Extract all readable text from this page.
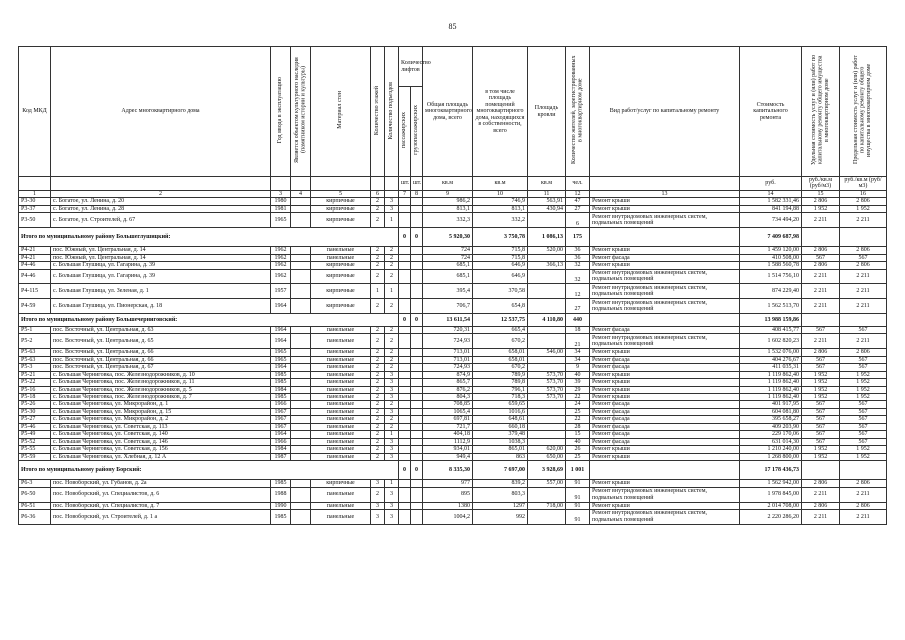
85
Код МКД	Адрес многоквартирного дома	Год ввода в эксплуатацию	Является объектом культурного наследия (памятником истории и культуры)	Материал стен	Количество этажей	Количество подъездов	Количество лифтов		Общая площадь многоквартирного дома, всего	в том числе площадь помещений многоквартирного дома, находящихся в собственности, всего	Площадь кровли	Количество жителей, зарегистрированных в многоквартирном доме	Вид работ/услуг по капитальному ремонту	Стоимость капитального ремонта	Удельная стоимость услуг и (или) работ по капитальному ремонту общего имущества в многоквартирном доме	Предельная стоимость услуг и (или) работ по капитальному ремонту общего имущества в многоквартирном доме
							пассажирских	грузопассажирских								
							шт.	шт.	кв.м	кв.м	кв.м	чел.		руб.	руб./кв.м (руб/м3)	руб./кв.м (руб/м3)
1	2	3	4	5	6		7	8	9	10	11	12	13	14	15	16
P3-30	с. Богатое, ул. Ленина, д. 20	1980		кирпичные	2	3			986,2	746,9	563,91	47	Ремонт крыши	1 582 331,46	2 806	2 806
P3-37	с. Богатое, ул. Ленина, д. 28	1981		кирпичные	2	3			813,1	813,1	430,94	27	Ремонт крыши	841 194,88	1 952	1 952
P3-50	с. Богатое, ул. Строителей, д. 67	1965		кирпичные	2	1			332,3	332,2		6	Ремонт внутридомовых инженерных систем, подвальных помещений	734 494,20	2 211	2 211
Итого по муниципальному району Большеглушицкий:							0	0	5 920,30	3 750,78	1 086,13	175		7 409 687,98		
P4-21	пос. Южный, ул. Центральная, д. 14	1962		панельные	2	2			724	715,8	520,00	36	Ремонт крыши	1 459 120,00	2 806	2 806
P4-21	пос. Южный, ул. Центральная, д. 14	1962		панельные	2	2			724	715,8		36	Ремонт фасада	410 508,00	567	567
P4-46	с. Большая Глушица, ул. Гагарина, д. 39	1962		кирпичные	2	2			685,1	646,9	366,13	32	Ремонт крыши	1 588 560,78	2 806	2 806
P4-46	с. Большая Глушица, ул. Гагарина, д. 39	1962		кирпичные	2	2			685,1	646,9		32	Ремонт внутридомовых инженерных систем, подвальных помещений	1 514 756,10	2 211	2 211
P4-115	с. Большая Глушица, ул. Зеленая, д. 1	1957		кирпичные	1	1			395,4	370,58		12	Ремонт внутридомовых инженерных систем, подвальных помещений	874 229,40	2 211	2 211
P4-59	с. Большая Глушица, ул. Пионерская, д. 18	1964		кирпичные	2	2			706,7	654,8		27	Ремонт внутридомовых инженерных систем, подвальных помещений	1 562 513,70	2 211	2 211
Итого по муниципальному району Большечерниговский:							0	0	13 611,54	12 537,75	4 110,80	440		13 988 159,86		
P5-1	пос. Восточный, ул. Центральная, д. 63	1964		панельные	2	2			720,31	665,4		18	Ремонт фасада	408 415,77	567	567
P5-2	пос. Восточный, ул. Центральная, д. 65	1964		панельные	2	2			724,93	670,2		21	Ремонт внутридомовых инженерных систем, подвальных помещений	1 602 820,23	2 211	2 211
P5-63	пос. Восточный, ул. Центральная, д. 66	1965		панельные	2	2			713,01	658,01	546,00	34	Ремонт крыши	1 532 076,00	2 806	2 806
P5-63	пос. Восточный, ул. Центральная, д. 66	1965		панельные	2	2			713,01	658,01		34	Ремонт фасада	404 276,67	567	567
P5-3	пос. Восточный, ул. Центральная, д. 67	1964		панельные	2	2			724,93	670,2		9	Ремонт фасада	411 035,31	567	567
P5-21	с. Большая Черниговка, пос. Железнодорожников, д. 10	1985		панельные	2	3			874,9	789,9	573,70	40	Ремонт крыши	1 119 862,40	1 952	1 952
P5-22	с. Большая Черниговка, пос. Железнодорожников, д. 11	1985		панельные	2	3			865,7	789,8	573,70	39	Ремонт крыши	1 119 862,40	1 952	1 952
P5-16	с. Большая Черниговка, пос. Железнодорожников, д. 5	1984		панельные	2	3			876,2	796,1	573,70	29	Ремонт крыши	1 119 862,40	1 952	1 952
P5-18	с. Большая Черниговка, пос. Железнодорожников, д. 7	1985		панельные	2	3			804,3	718,3	573,70	22	Ремонт крыши	1 119 862,40	1 952	1 952
P5-26	с. Большая Черниговка, ул. Микрорайон, д. 1	1966		панельные	2	2			708,85	659,65		24	Ремонт фасада	401 917,95	567	567
P5-30	с. Большая Черниговка, ул. Микрорайон, д. 15	1967		панельные	2	3			1065,4	1016,6		25	Ремонт фасада	604 081,80	567	567
P5-27	с. Большая Черниговка, ул. Микрорайон, д. 2	1967		панельные	2	2			697,81	648,61		22	Ремонт фасада	395 658,27	567	567
P5-46	с. Большая Черниговка, ул. Советская, д. 113	1967		панельные	2	2			721,7	660,18		28	Ремонт фасада	409 203,90	567	567
P5-49	с. Большая Черниговка, ул. Советская, д. 140	1964		панельные	2	1			404,18	379,48		15	Ремонт фасада	229 170,06	567	567
P5-52	с. Большая Черниговка, ул. Советская, д. 146	1966		панельные	2	3			1112,9	1038,3		40	Ремонт фасада	631 014,30	567	567
P5-55	с. Большая Черниговка, ул. Советская, д. 156	1984		панельные	2	3			934,01	865,01	620,00	26	Ремонт крыши	1 210 240,00	1 952	1 952
P5-59	с. Большая Черниговка, ул. Хлебная, д. 12 А	1987		панельные	2	3			949,4	863	650,00	25	Ремонт крыши	1 268 800,00	1 952	1 952
Итого по муниципальному району Борский:							0	0	8 335,30	7 697,00	3 928,69	1 001		17 178 436,73		
P6-3	пос. Новоборский, ул. Губанов, д. 2а	1985		кирпичные	3	1			977	839,2	557,00	91	Ремонт крыши	1 562 942,00	2 806	2 806
P6-50	пос. Новоборский, ул. Специалистов, д. 6	1988		панельные	2	3			895	803,3		91	Ремонт внутридомовых инженерных систем, подвальных помещений	1 978 845,00	2 211	2 211
P6-51	пос. Новоборский, ул. Специалистов, д. 7	1990		панельные	3	3			1380	1297	718,00	91	Ремонт крыши	2 014 708,00	2 806	2 806
P6-36	пос. Новоборский, ул. Строителей, д. 1 а	1985		панельные	3	3			1004,2	992		91	Ремонт внутридомовых инженерных систем, подвальных помещений	2 220 286,20	2 211	2 211
